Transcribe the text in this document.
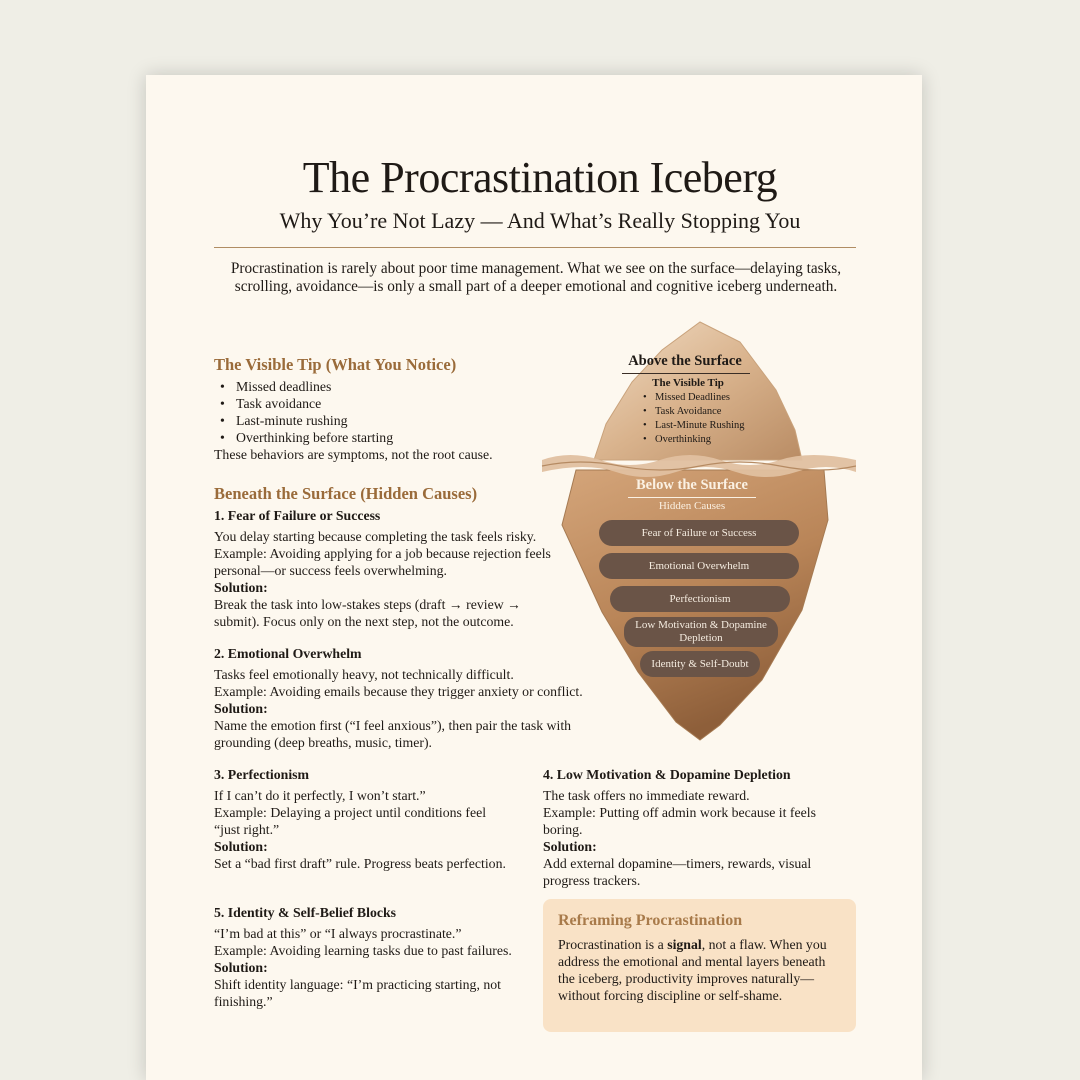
The Procrastination Iceberg
Why You’re Not Lazy — And What’s Really Stopping You
Procrastination is rarely about poor time management. What we see on the surface—delaying tasks, scrolling, avoidance—is only a small part of a deeper emotional and cognitive iceberg underneath.
The Visible Tip (What You Notice)
• Missed deadlines
• Task avoidance
• Last-minute rushing
• Overthinking before starting
These behaviors are symptoms, not the root cause.
Beneath the Surface (Hidden Causes)
1. Fear of Failure or Success
You delay starting because completing the task feels risky.
Example: Avoiding applying for a job because rejection feels personal—or success feels overwhelming.
Solution:
Break the task into low-stakes steps (draft → review → submit). Focus only on the next step, not the outcome.
2. Emotional Overwhelm
Tasks feel emotionally heavy, not technically difficult.
Example: Avoiding emails because they trigger anxiety or conflict.
Solution:
Name the emotion first (“I feel anxious”), then pair the task with grounding (deep breaths, music, timer).
3. Perfectionism
If I can’t do it perfectly, I won’t start.”
Example: Delaying a project until conditions feel “just right.”
Solution:
Set a “bad first draft” rule. Progress beats perfection.
4. Low Motivation & Dopamine Depletion
The task offers no immediate reward.
Example: Putting off admin work because it feels boring.
Solution:
Add external dopamine—timers, rewards, visual progress trackers.
5. Identity & Self-Belief Blocks
“I’m bad at this” or “I always procrastinate.”
Example: Avoiding learning tasks due to past failures.
Solution:
Shift identity language: “I’m practicing starting, not finishing.”
Above the Surface
The Visible Tip
• Missed Deadlines
• Task Avoidance
• Last-Minute Rushing
• Overthinking
Below the Surface
Hidden Causes
Fear of Failure or Success
Emotional Overwhelm
Perfectionism
Low Motivation & Dopamine Depletion
Identity & Self-Doubt
Reframing Procrastination
Procrastination is a signal, not a flaw. When you address the emotional and mental layers beneath the iceberg, productivity improves naturally—without forcing discipline or self-shame.
